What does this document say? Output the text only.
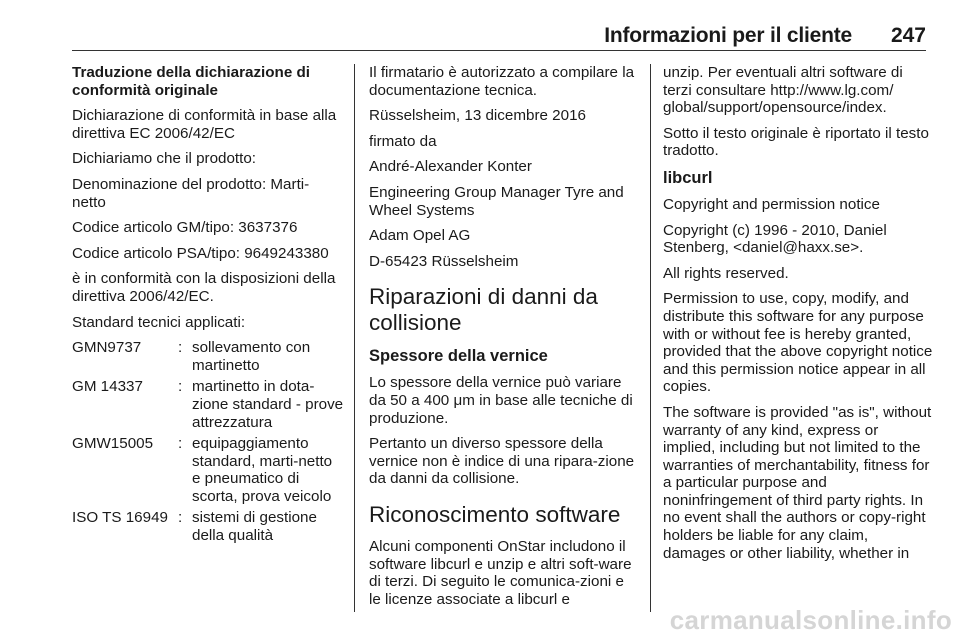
Informazioni per il cliente 247

Traduzione della dichiarazione di conformità originale

Dichiarazione di conformità in base alla direttiva EC 2006/42/EC

Dichiariamo che il prodotto:

Denominazione del prodotto: Marti-netto

Codice articolo GM/tipo: 3637376

Codice articolo PSA/tipo: 9649243380

è in conformità con la disposizioni della direttiva 2006/42/EC.

Standard tecnici applicati:

GMN9737	:	sollevamento con martinetto
GM 14337	:	martinetto in dota-zione standard - prove attrezzatura
GMW15005	:	equipaggiamento standard, marti-netto e pneumatico di scorta, prova veicolo
ISO TS 16949	:	sistemi di gestione della qualità

Il firmatario è autorizzato a compilare la documentazione tecnica.

Rüsselsheim, 13 dicembre 2016

firmato da

André-Alexander Konter

Engineering Group Manager Tyre and Wheel Systems

Adam Opel AG

D-65423 Rüsselsheim

Riparazioni di danni da collisione
Spessore della vernice

Lo spessore della vernice può variare da 50 a 400 μm in base alle tecniche di produzione.

Pertanto un diverso spessore della vernice non è indice di una ripara-zione da danni da collisione.

Riconoscimento software

Alcuni componenti OnStar includono il software libcurl e unzip e altri soft-ware di terzi. Di seguito le comunica-zioni e le licenze associate a libcurl e

unzip. Per eventuali altri software di terzi consultare http://www.lg.com/ global/support/opensource/index.

Sotto il testo originale è riportato il testo tradotto.

libcurl

Copyright and permission notice

Copyright (c) 1996 - 2010, Daniel Stenberg, <daniel@haxx.se>.

All rights reserved.

Permission to use, copy, modify, and distribute this software for any purpose with or without fee is hereby granted, provided that the above copyright notice and this permission notice appear in all copies.

The software is provided "as is", without warranty of any kind, express or implied, including but not limited to the warranties of merchantability, fitness for a particular purpose and noninfringement of third party rights. In no event shall the authors or copy-right holders be liable for any claim, damages or other liability, whether in

carmanualsonline.info
